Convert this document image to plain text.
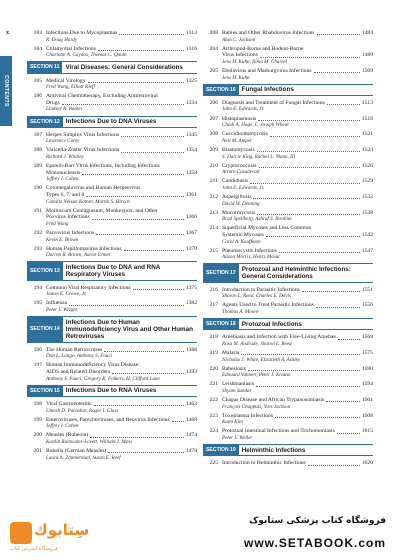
x
CONTENTS
183 Infections Due to Mycoplasmas	1313
R. Doug Hardy
184 Chlamydial Infections	1316
Charlotte A. Gaydos, Thomas C. Quinn
SECTION 11 Viral Diseases: General Considerations
185 Medical Virology	1325
Fred Wang, Elliott Kieff
186 Antiviral Chemotherapy, Excluding Antiretroviral
Drugs	1334
Lindsey R. Baden
SECTION 12 Infections Due to DNA Viruses
187 Herpes Simplex Virus Infections	1345
Lawrence Corey
188 Varicella-Zoster Virus Infections	1354
Richard J. Whitley
189 Epstein-Barr Virus Infections, Including Infectious
Mononucleosis	1358
Jeffrey I. Cohen
190 Cytomegalovirus and Human Herpesvirus
Types 6, 7, and 8	1361
Camille Nelson Kotton, Martin S. Hirsch
191 Molluscum Contagiosum, Monkeypox, and Other
Poxvirus Infections	1366
Fred Wang
192 Parvovirus Infections	1367
Kevin E. Brown
193 Human Papillomavirus Infections	1370
Darron R. Brown, Aaron Ermel
SECTION 13
Infections Due to DNA and RNA Respiratory Viruses
194 Common Viral Respiratory Infections	1375
James E. Crowe, Jr.
195 Influenza	1382
Peter F. Wright
SECTION 14
Infections Due to Human Immunodeficiency Virus and Other Human Retroviruses
196 The Human Retroviruses	1388
Dan L. Longo, Anthony S. Fauci
197 Human Immunodeficiency Virus Disease:
AIDS and Related Disorders	1393
Anthony S. Fauci, Gregory K. Folkers, H. Clifford Lane
SECTION 15 Infections Due to RNA Viruses
198 Viral Gastroenteritis	1463
Umesh D. Parashar, Roger I. Glass
199 Enteroviruses, Parechoviruses, and Reovirus Infections	1468
Jeffrey I. Cohen
200 Measles (Rubeola)	1474
Kaitlin Rainwater-Lovett, William J. Moss
201 Rubella (German Measles)	1478
Laura A. Zimmerman, Susan E. Reef
208 Rabies and Other Rhabdovirus Infections	1484
Alan C. Jackson
204 Arthropod-Borne and Rodent-Borne
Virus Infections	1489
Jens H. Kuhn, Ilima M. Charrel
205 Ebolavirus and Marburgvirus Infections	1509
Jens H. Kuhn
SECTION 16 Fungal Infections
206 Diagnosis and Treatment of Fungal Infections	1513
John E. Edwards, Jr.
207 Histoplasmosis	1518
Chadi A. Hage, L. Joseph Wheat
208 Coccidioidomycosis	1521
Neil M. Ampel
209 Blastomycosis	1524
S. Darcie King, Rachel L. Nkam, III
210 Cryptococcosis	1526
Arturo Casadevall
211 Candidiasis	1529
John E. Edwards, Jr.
212 Aspergillosis	1532
David W. Denning
213 Mucormycosis	1538
Brad Spellberg, Ashraf S. Ibrahim
214 Superficial Mycoses and Less Common
Systemic Mycoses	1542
Carol A. Kauffman
215 Pneumocystis Infections	1547
Alison Morris, Henry Masur
SECTION 17
Protozoal and Helminthic Infections: General Considerations
216 Introduction to Parasitic Infections	1551
Sharon L. Reed, Charles E. Davis
217 Agents Used to Treat Parasitic Infections	1556
Thomas A. Moore
SECTION 18 Protozoal Infections
218 Amebiasis and Infection with Free-Living Amebae	1568
Rosa M. Andrade, Sharon L. Reed
219 Malaria	1575
Nicholas J. White, Elizabeth A. Ashley
220 Babesiosis	1590
Edouard Vannier, Peter J. Krause
221 Leishmaniasis	1594
Shyam Sundar
222 Chagas Disease and African Trypanosomiasis	1601
François Chappuis, Yves Jackson
223 Toxoplasma Infections	1608
Kami Kim
224 Protozoal Intestinal Infections and Trichomoniasis	1615
Peter F. Weller
SECTION 19 Helminthic Infections
225 Introduction to Helminthic Infections	1620
سِتابوك
فروشگاه اینترنتی کتاب
فروشگاه کتاب پزشکی ستابوک
www.SETABOOK.com
